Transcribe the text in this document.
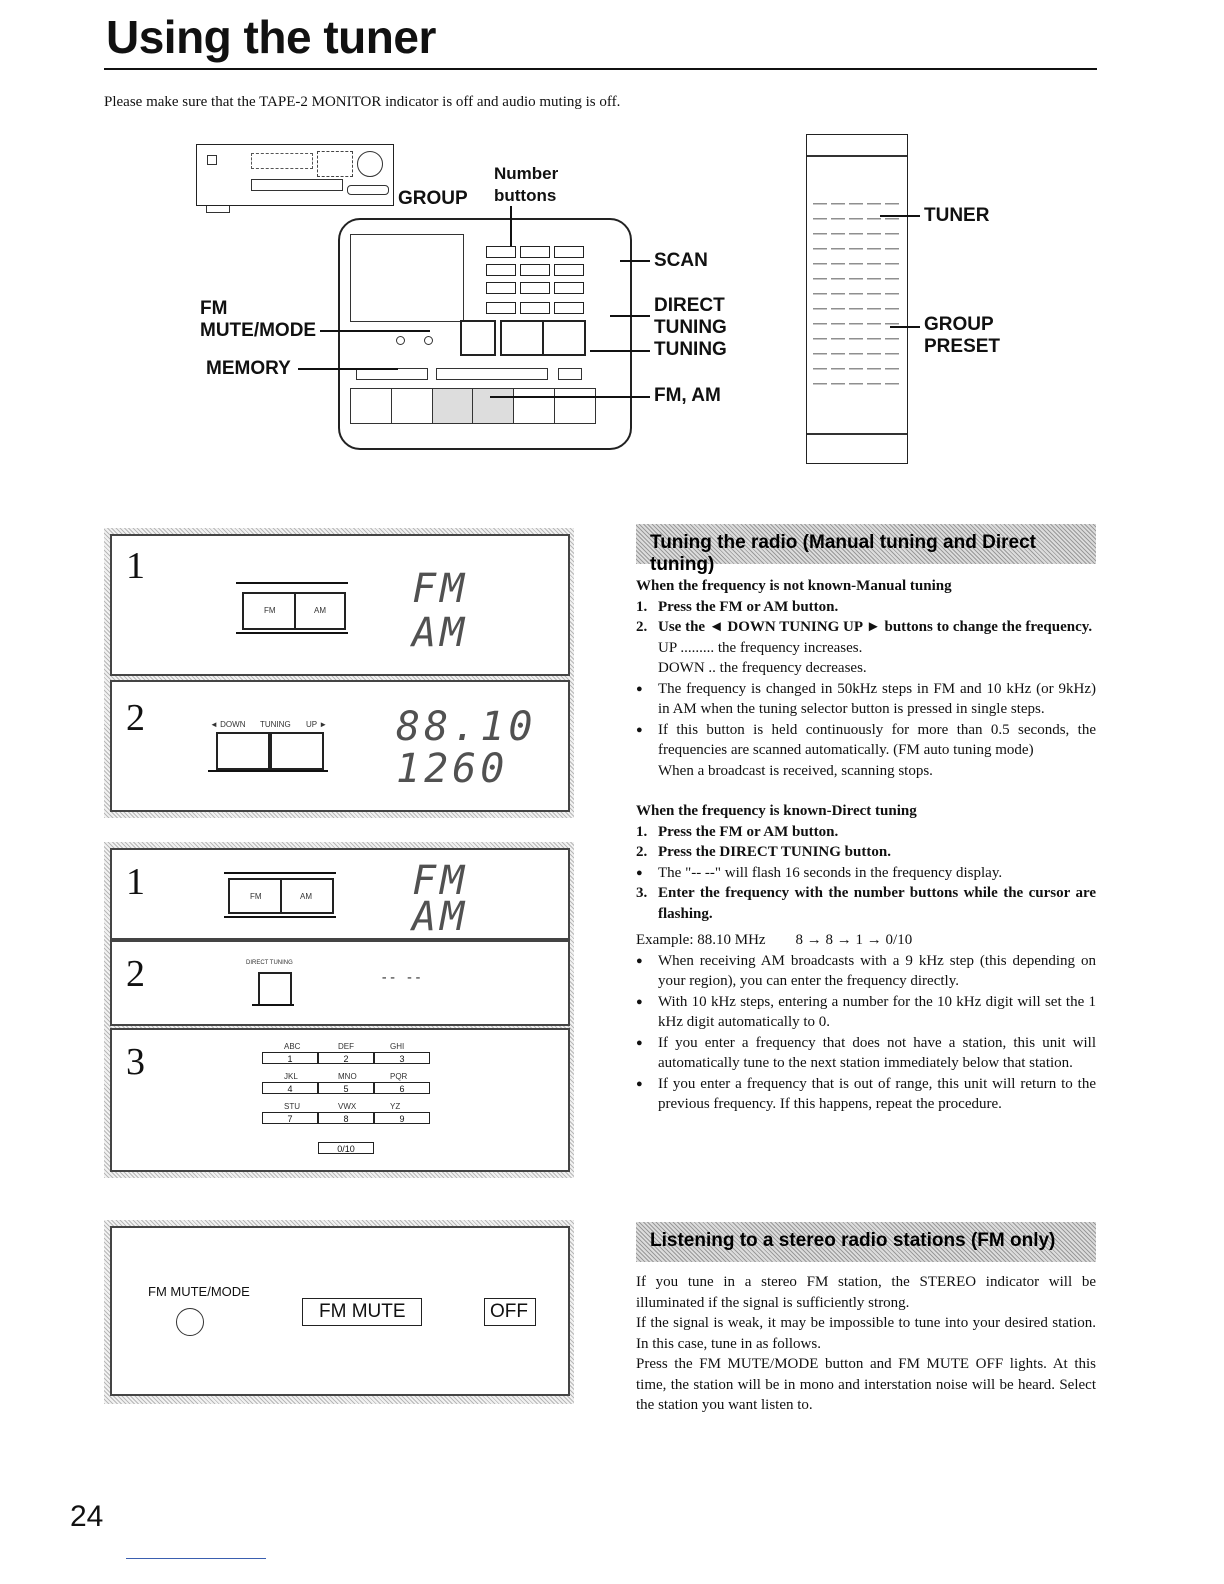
Using the tuner
Please make sure that the TAPE-2 MONITOR indicator is off and audio muting is off.
GROUP
Number
buttons
SCAN
DIRECT
TUNING
TUNING
FM, AM
FM
MUTE/MODE
MEMORY
TUNER
GROUP
PRESET
1
FM	AM FM
AM
2	◄ DOWN TUNING UP ► 88.10
1260
1	FM	AM	FM
AM
2	DIRECT TUNING
-- --
3	ABC	DEF	GHI
1	2	3
JKL	MNO	PQR
4	5	6
STU	VWX	YZ
7	8	9
0/10
FM MUTE/MODE
FM MUTE	OFF
Tuning the radio (Manual tuning and Direct tuning)
When the frequency is not known-Manual tuning
1. Press the FM or AM button.
2. Use the ◄ DOWN TUNING UP ► buttons to change the frequency.
UP ......... the frequency increases.
DOWN .. the frequency decreases.
● The frequency is changed in 50kHz steps in FM and 10 kHz (or 9kHz) in AM when the tuning selector button is pressed in single steps.
● If this button is held continuously for more than 0.5 seconds, the frequencies are scanned automatically. (FM auto tuning mode)
When a broadcast is received, scanning stops.
When the frequency is known-Direct tuning
1. Press the FM or AM button.
2. Press the DIRECT TUNING button.
● The "-- --" will flash 16 seconds in the frequency display.
3. Enter the frequency with the number buttons while the cursor are flashing.
Example: 88.10 MHz        8 → 8 → 1 → 0/10
● When receiving AM broadcasts with a 9 kHz step (this depending on your region), you can enter the frequency directly.
● With 10 kHz steps, entering a number for the 10 kHz digit will set the 1 kHz digit automatically to 0.
● If you enter a frequency that does not have a station, this unit will automatically tune to the next station immediately below that station.
● If you enter a frequency that is out of range, this unit will return to the previous frequency. If this happens, repeat the procedure.
Listening to a stereo radio stations (FM only)
If you tune in a stereo FM station, the STEREO indicator will be illuminated if the signal is sufficiently strong.
If the signal is weak, it may be impossible to tune into your desired station. In this case, tune in as follows.
Press the FM MUTE/MODE button and FM MUTE OFF lights. At this time, the station will be in mono and interstation noise will be heard. Select the station you want listen to.
24
